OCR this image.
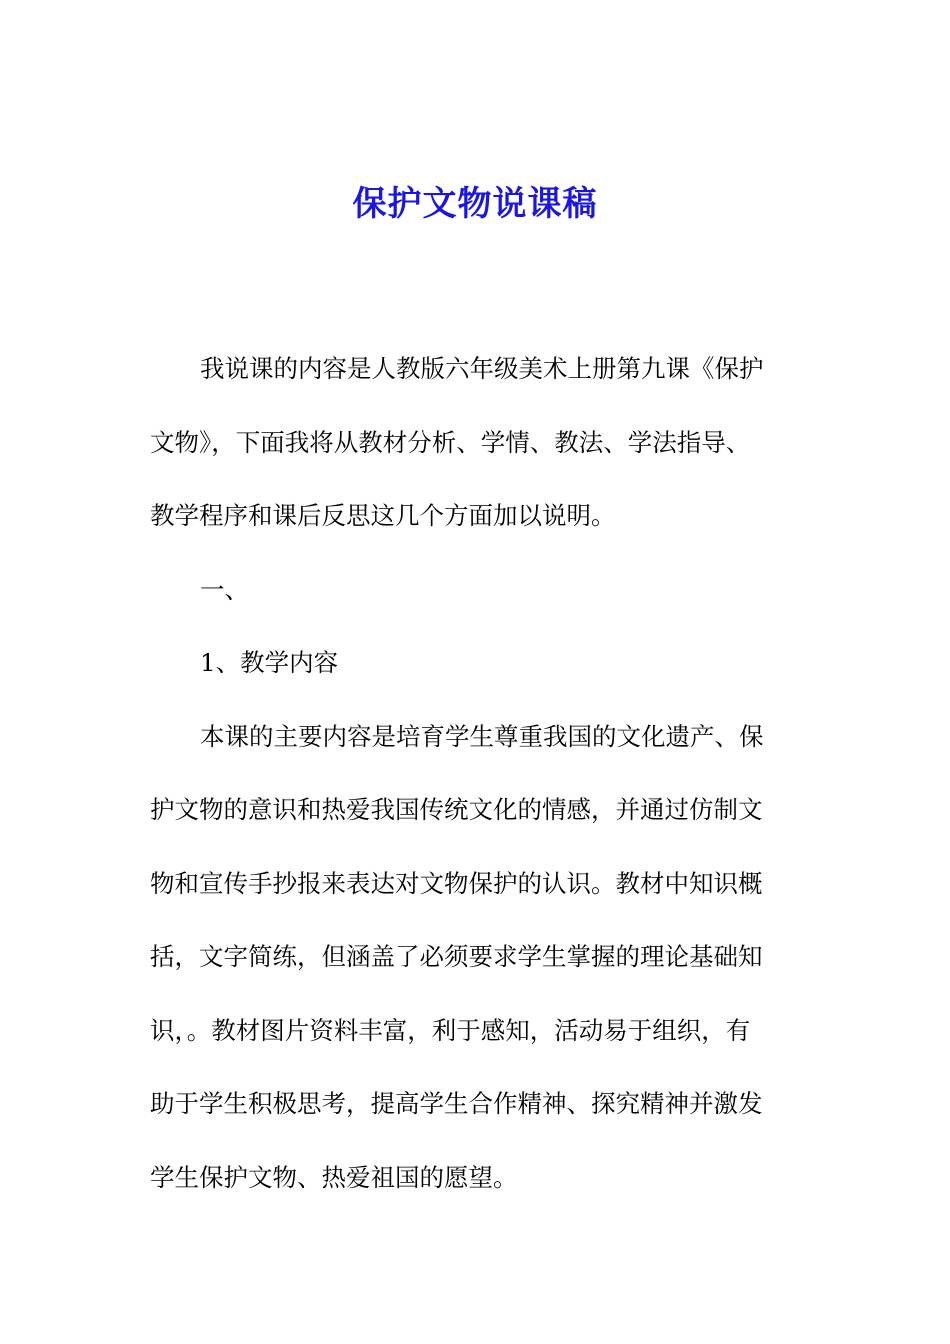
保护文物说课稿
我说课的内容是人教版六年级美术上册第九课《保护
文物》，下面我将从教材分析、学情、教法、学法指导、
教学程序和课后反思这几个方面加以说明。
一、
1、教学内容
本课的主要内容是培育学生尊重我国的文化遗产、保
护文物的意识和热爱我国传统文化的情感，并通过仿制文
物和宣传手抄报来表达对文物保护的认识。教材中知识概
括，文字简练，但涵盖了必须要求学生掌握的理论基础知
识，。教材图片资料丰富，利于感知，活动易于组织，有
助于学生积极思考，提高学生合作精神、探究精神并激发
学生保护文物、热爱祖国的愿望。
